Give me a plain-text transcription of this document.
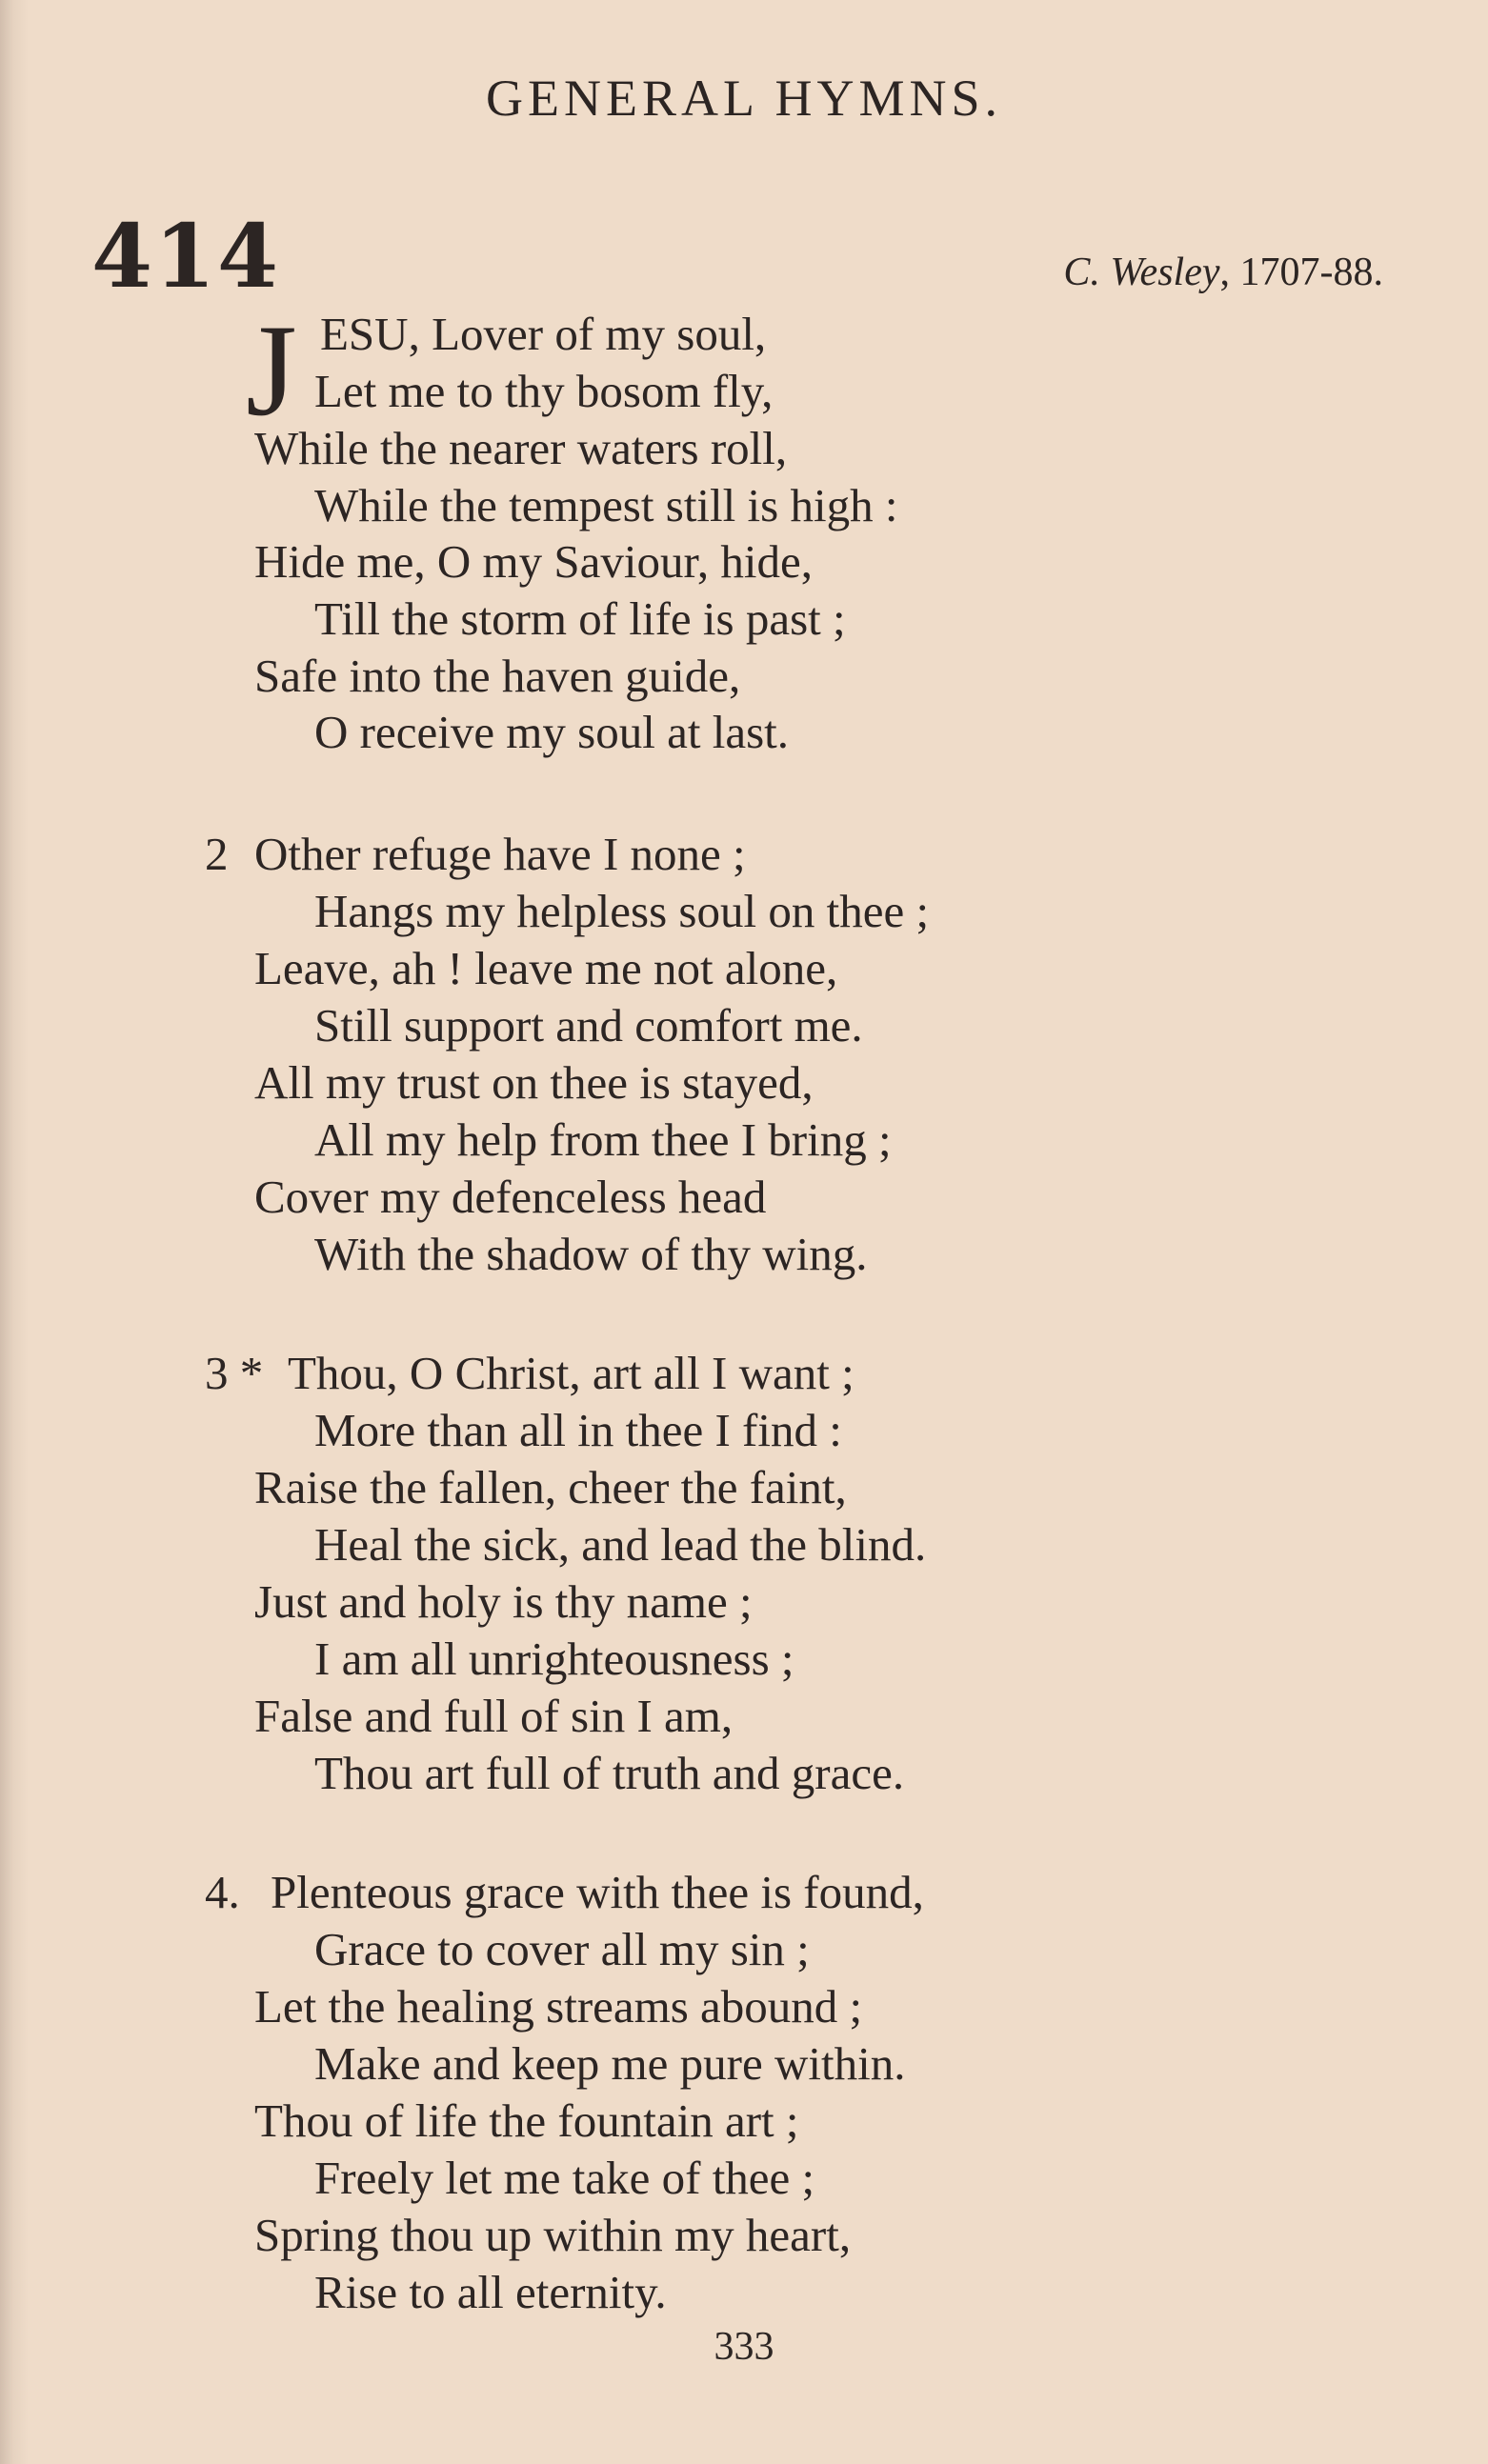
GENERAL HYMNS.
414	C. Wesley, 1707-88.
J ESU, Lover of my soul,
Let me to thy bosom fly,
While the nearer waters roll,
While the tempest still is high :
Hide me, O my Saviour, hide,
Till the storm of life is past ;
Safe into the haven guide,
O receive my soul at last.
2 Other refuge have I none ;
Hangs my helpless soul on thee ;
Leave, ah ! leave me not alone,
Still support and comfort me.
All my trust on thee is stayed,
All my help from thee I bring ;
Cover my defenceless head
With the shadow of thy wing.
3 * Thou, O Christ, art all I want ;
More than all in thee I find :
Raise the fallen, cheer the faint,
Heal the sick, and lead the blind.
Just and holy is thy name ;
I am all unrighteousness ;
False and full of sin I am,
Thou art full of truth and grace.
4. Plenteous grace with thee is found,
Grace to cover all my sin ;
Let the healing streams abound ;
Make and keep me pure within.
Thou of life the fountain art ;
Freely let me take of thee ;
Spring thou up within my heart,
Rise to all eternity.
333
